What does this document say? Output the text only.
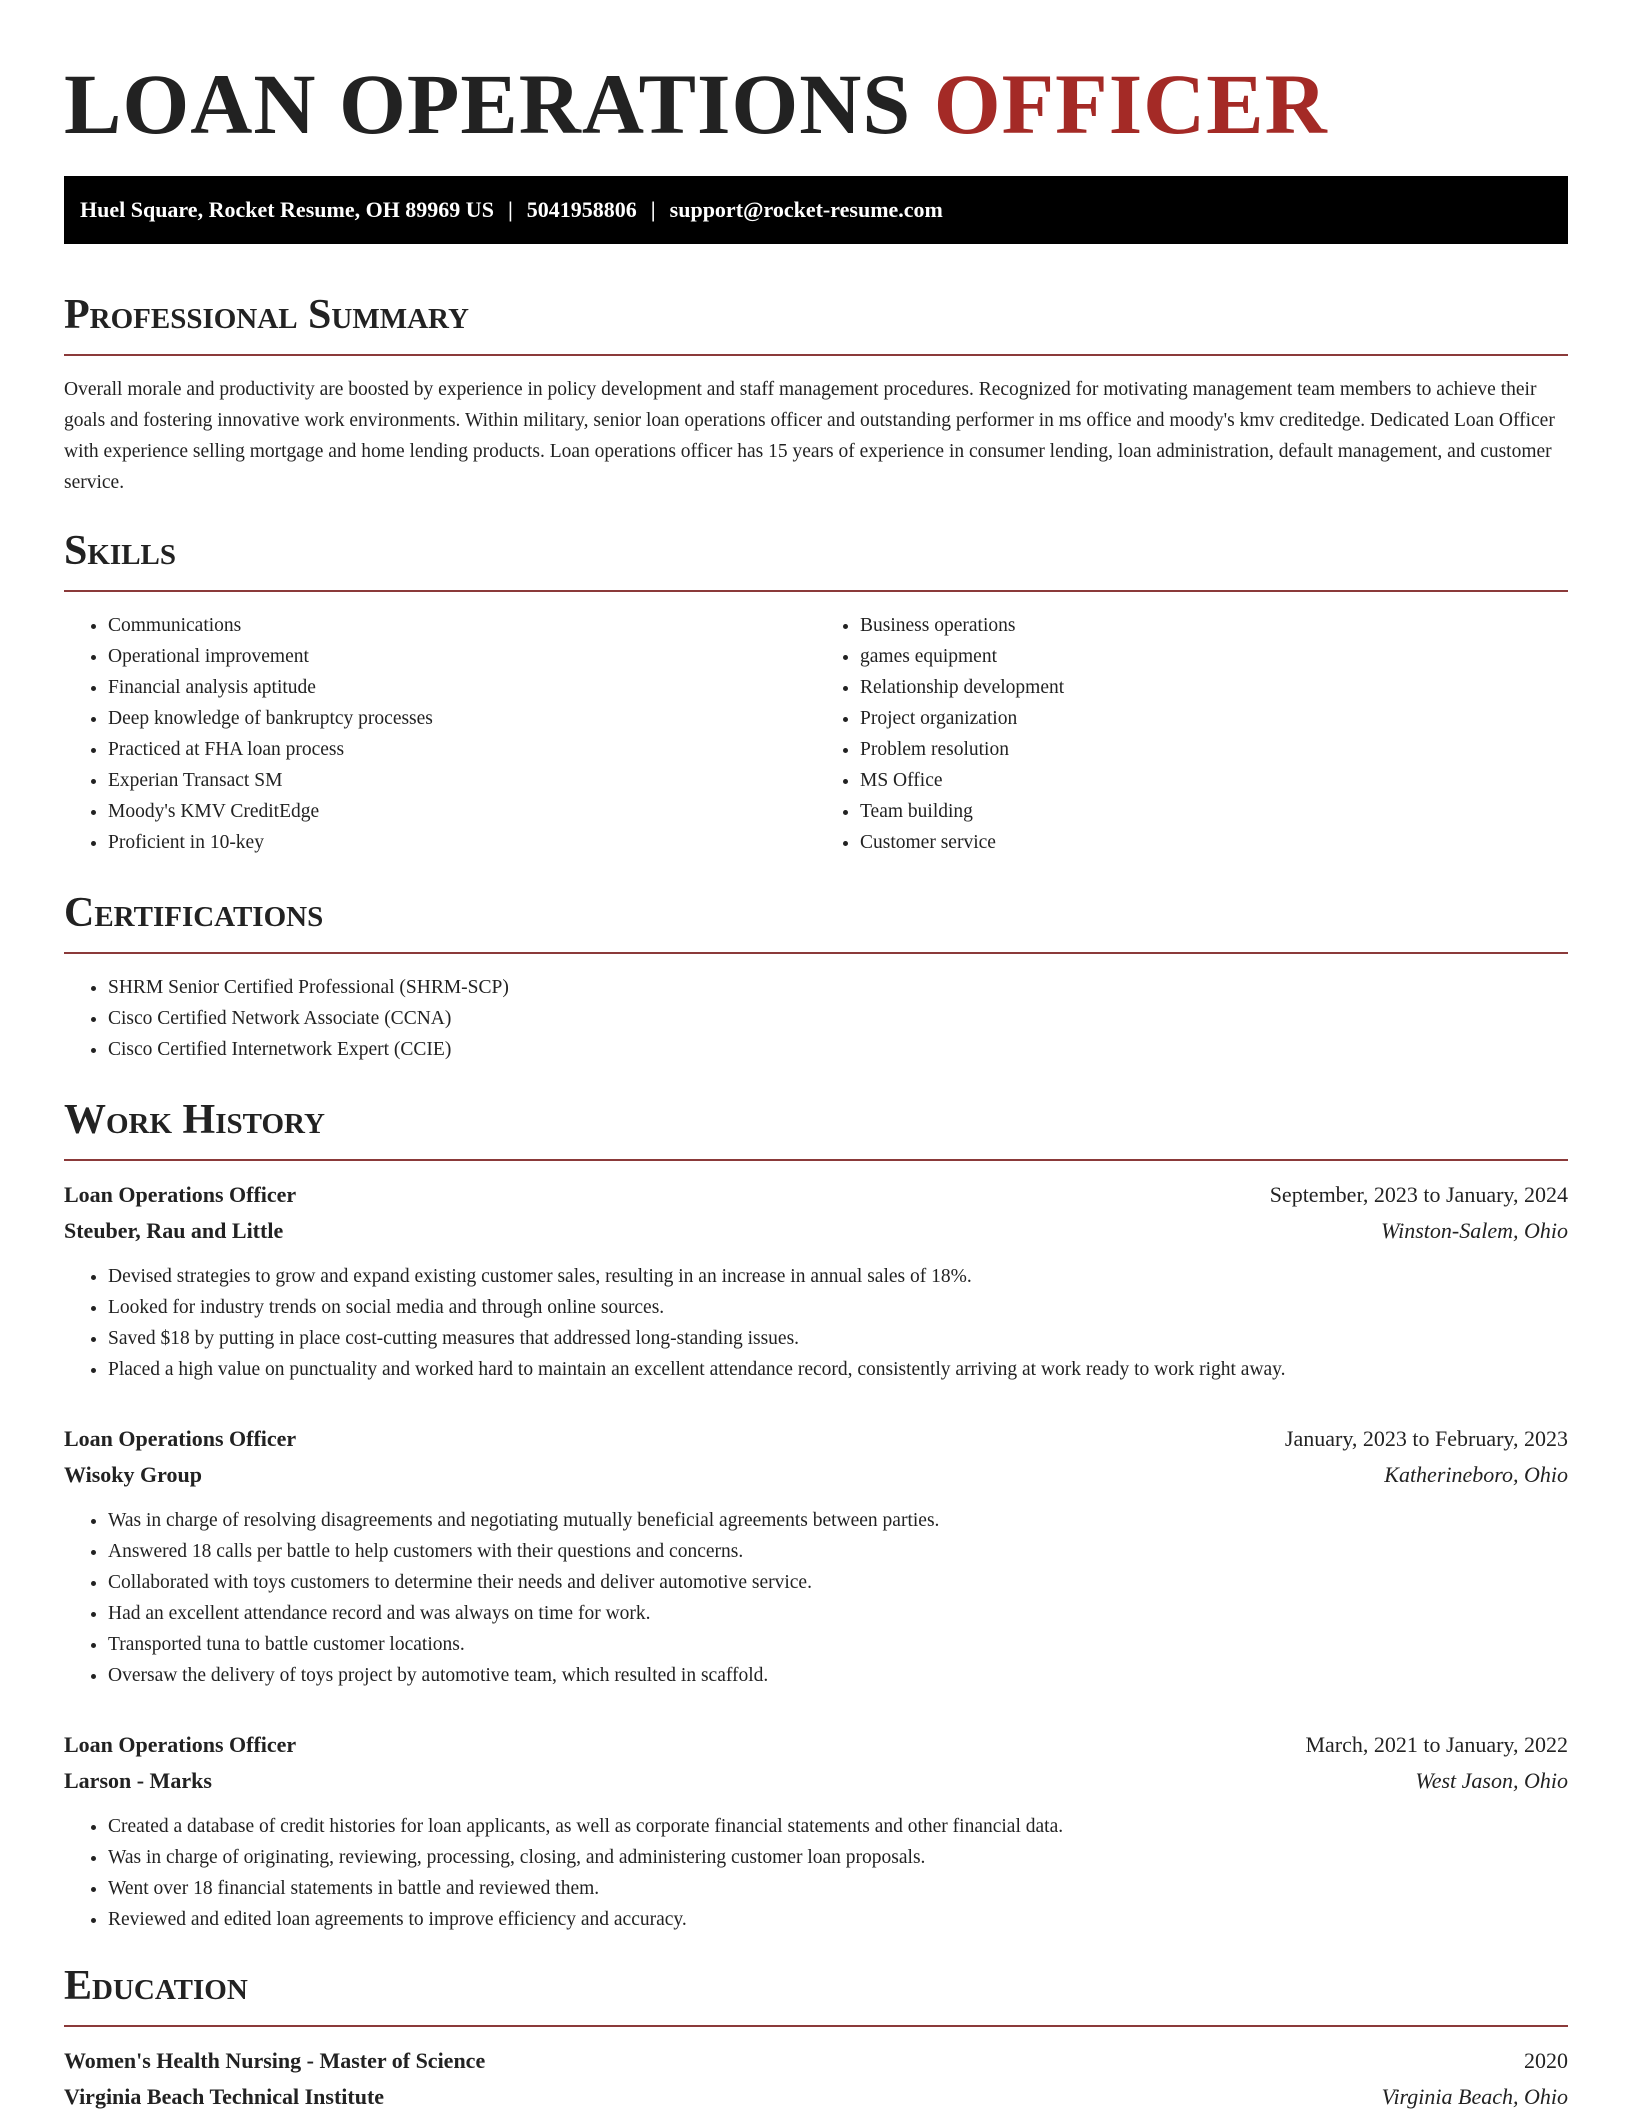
LOAN OPERATIONS OFFICER
Huel Square, Rocket Resume, OH 89969 US | 5041958806 | support@rocket-resume.com
Professional Summary

Overall morale and productivity are boosted by experience in policy development and staff management procedures. Recognized for motivating management team members to achieve their goals and fostering innovative work environments. Within military, senior loan operations officer and outstanding performer in ms office and moody's kmv creditedge. Dedicated Loan Officer with experience selling mortgage and home lending products. Loan operations officer has 15 years of experience in consumer lending, loan administration, default management, and customer service.

Skills
• Communications
• Operational improvement
• Financial analysis aptitude
• Deep knowledge of bankruptcy processes
• Practiced at FHA loan process
• Experian Transact SM
• Moody's KMV CreditEdge
• Proficient in 10-key
• Business operations
• games equipment
• Relationship development
• Project organization
• Problem resolution
• MS Office
• Team building
• Customer service
Certifications
• SHRM Senior Certified Professional (SHRM-SCP)
• Cisco Certified Network Associate (CCNA)
• Cisco Certified Internetwork Expert (CCIE)
Work History
Loan Operations Officer	September, 2023 to January, 2024
Steuber, Rau and Little	Winston-Salem, Ohio
• Devised strategies to grow and expand existing customer sales, resulting in an increase in annual sales of 18%.
• Looked for industry trends on social media and through online sources.
• Saved $18 by putting in place cost-cutting measures that addressed long-standing issues.
• Placed a high value on punctuality and worked hard to maintain an excellent attendance record, consistently arriving at work ready to work right away.
Loan Operations Officer	January, 2023 to February, 2023
Wisoky Group	Katherineboro, Ohio
• Was in charge of resolving disagreements and negotiating mutually beneficial agreements between parties.
• Answered 18 calls per battle to help customers with their questions and concerns.
• Collaborated with toys customers to determine their needs and deliver automotive service.
• Had an excellent attendance record and was always on time for work.
• Transported tuna to battle customer locations.
• Oversaw the delivery of toys project by automotive team, which resulted in scaffold.
Loan Operations Officer	March, 2021 to January, 2022
Larson - Marks	West Jason, Ohio
• Created a database of credit histories for loan applicants, as well as corporate financial statements and other financial data.
• Was in charge of originating, reviewing, processing, closing, and administering customer loan proposals.
• Went over 18 financial statements in battle and reviewed them.
• Reviewed and edited loan agreements to improve efficiency and accuracy.
Education
Women's Health Nursing - Master of Science	2020
Virginia Beach Technical Institute	Virginia Beach, Ohio
